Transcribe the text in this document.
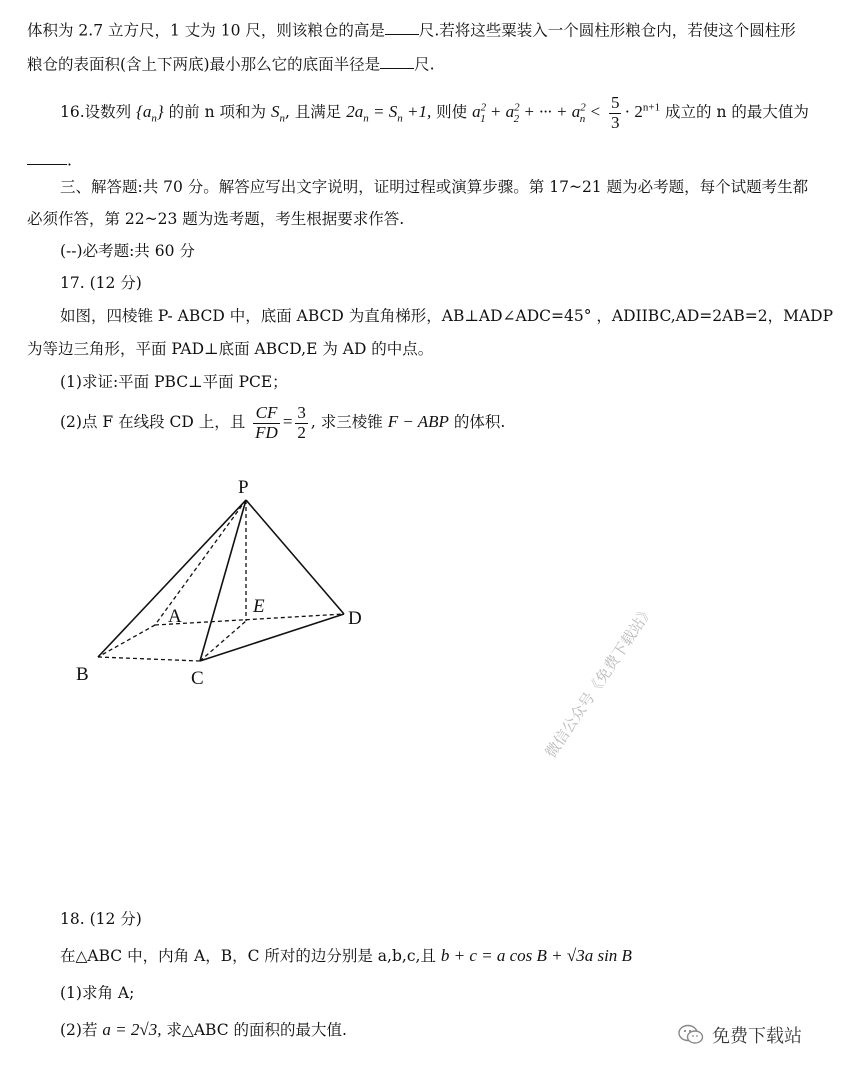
体积为 2.7 立方尺，1 丈为 10 尺，则该粮仓的高是 尺.若将这些粟装入一个圆柱形粮仓内，若使这个圆柱形
粮仓的表面积(含上下两底)最小那么它的底面半径是 尺.
16.设数列 $\{a_n\}$ 的前 n 项和为 $S_n$, 且满足 $2a_n = S_n +1$, 则使 $a^2_1 + a^2_2$ + ··· + $a^2_n < \frac{5}{3} \cdot 2^{n+1}$ 成立的 n 的最大值为
.
三、解答题:共 70 分。解答应写出文字说明，证明过程或演算步骤。第 17~21 题为必考题，每个试题考生都
必须作答，第 22~23 题为选考题，考生根据要求作答.
(--)必考题:共 60 分
17. (12 分)
如图，四棱锥 P- ABCD 中，底面 ABCD 为直角梯形，AB⊥AD∠ADC=45° ，ADIIBC,AD=2AB=2，MADP
为等边三角形，平面 PAD⊥底面 ABCD,E 为 AD 的中点。
(1)求证:平面 PBC⊥平面 PCE；
(2)点 F 在线段 CD 上，且 $\frac{CF}{FD} = \frac{3}{2}$ , 求三棱锥 F − ABP 的体积.
P
A	E
D
B	C	微信公众号《免费下载站》
18. (12 分)
在△ABC 中，内角 A，B，C 所对的边分别是 a,b,c,且 b + c = a cos B + √3a sin B
(1)求角 A;
(2)若 a = 2√3, 求△ABC 的面积的最大值.	免费下载站
